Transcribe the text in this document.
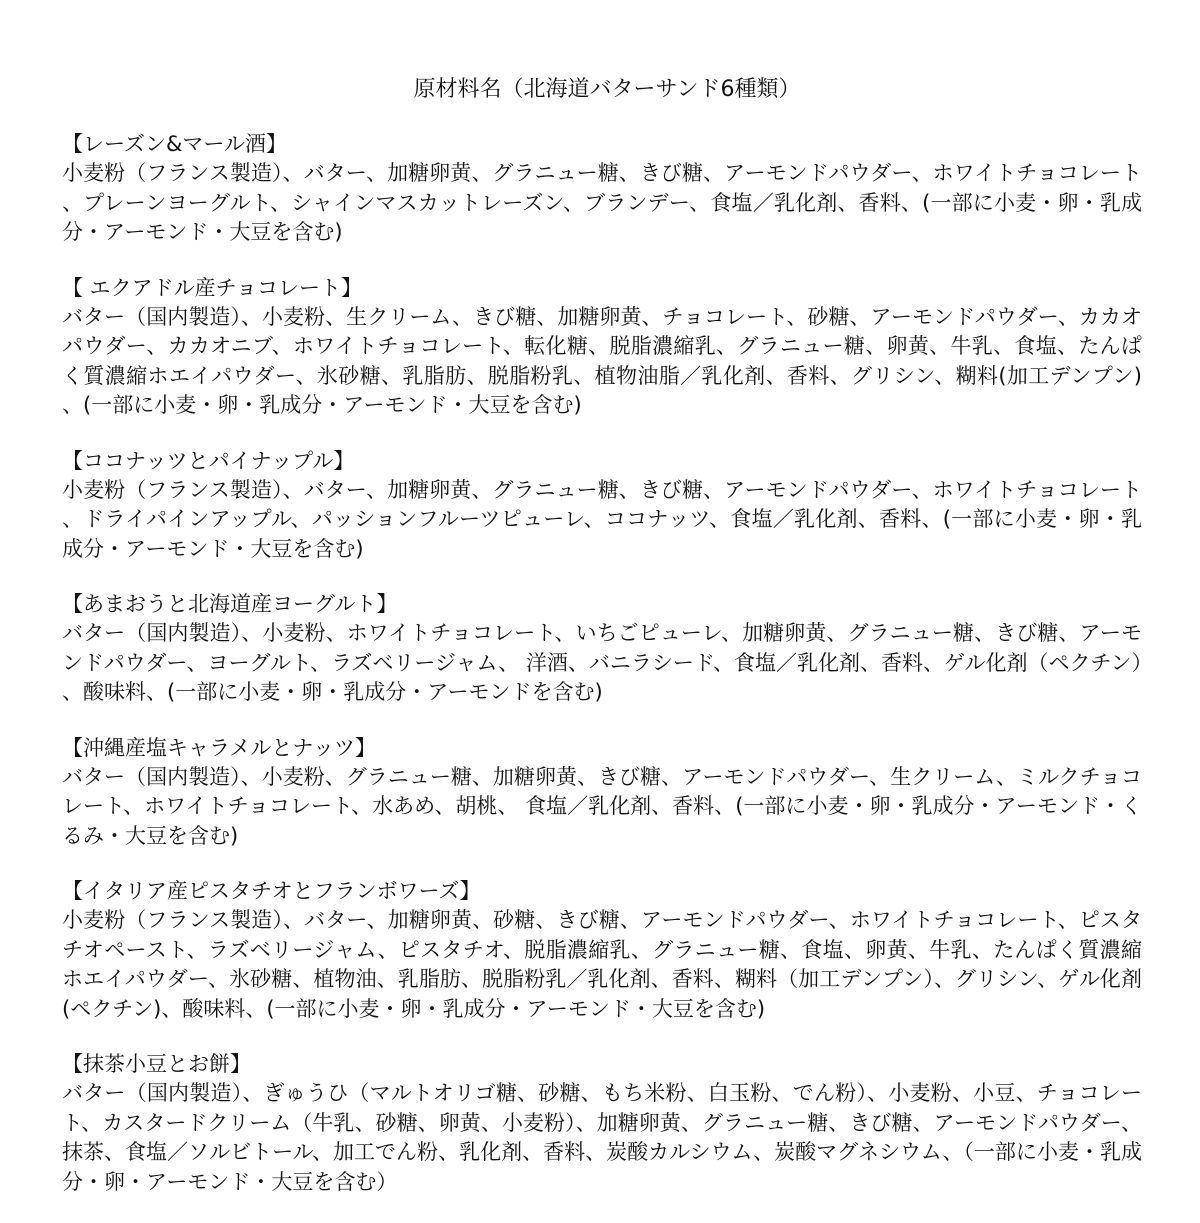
原材料名（北海道バターサンド6種類）

【レーズン&マール酒】

小麦粉（フランス製造）、バター、加糖卵黄、グラニュー糖、きび糖、アーモンドパウダー、ホワイトチョコレート、プレーンヨーグルト、シャインマスカットレーズン、ブランデー、食塩／乳化剤、香料、(一部に小麦・卵・乳成分・アーモンド・大豆を含む)

【 エクアドル産チョコレート】

バター（国内製造）、小麦粉、生クリーム、きび糖、加糖卵黄、チョコレート、砂糖、アーモンドパウダー、カカオパウダー、カカオニブ、ホワイトチョコレート、転化糖、脱脂濃縮乳、グラニュー糖、卵黄、牛乳、食塩、たんぱく質濃縮ホエイパウダー、氷砂糖、乳脂肪、脱脂粉乳、植物油脂／乳化剤、香料、グリシン、糊料(加工デンプン)、(一部に小麦・卵・乳成分・アーモンド・大豆を含む)

【ココナッツとパイナップル】

小麦粉（フランス製造）、バター、加糖卵黄、グラニュー糖、きび糖、アーモンドパウダー、ホワイトチョコレート、ドライパインアップル、パッションフルーツピューレ、ココナッツ、食塩／乳化剤、香料、(一部に小麦・卵・乳成分・アーモンド・大豆を含む)

【あまおうと北海道産ヨーグルト】

バター（国内製造）、小麦粉、ホワイトチョコレート、いちごピューレ、加糖卵黄、グラニュー糖、きび糖、アーモンドパウダー、ヨーグルト、ラズベリージャム、 洋酒、バニラシード、食塩／乳化剤、香料、ゲル化剤（ペクチン）、酸味料、(一部に小麦・卵・乳成分・アーモンドを含む)

【沖縄産塩キャラメルとナッツ】

バター（国内製造）、小麦粉、グラニュー糖、加糖卵黄、きび糖、アーモンドパウダー、生クリーム、ミルクチョコレート、ホワイトチョコレート、水あめ、胡桃、 食塩／乳化剤、香料、(一部に小麦・卵・乳成分・アーモンド・くるみ・大豆を含む)

【イタリア産ピスタチオとフランボワーズ】

小麦粉（フランス製造）、バター、加糖卵黄、砂糖、きび糖、アーモンドパウダー、ホワイトチョコレート、ピスタチオペースト、ラズベリージャム、ピスタチオ、脱脂濃縮乳、グラニュー糖、食塩、卵黄、牛乳、たんぱく質濃縮ホエイパウダー、氷砂糖、植物油、乳脂肪、脱脂粉乳／乳化剤、香料、糊料（加工デンプン）、グリシン、ゲル化剤(ペクチン)、酸味料、(一部に小麦・卵・乳成分・アーモンド・大豆を含む)

【抹茶小豆とお餅】

バター（国内製造）、ぎゅうひ（マルトオリゴ糖、砂糖、もち米粉、白玉粉、でん粉）、小麦粉、小豆、チョコレート、カスタードクリーム（牛乳、砂糖、卵黄、小麦粉）、加糖卵黄、グラニュー糖、きび糖、アーモンドパウダー、抹茶、食塩／ソルビトール、加工でん粉、乳化剤、香料、炭酸カルシウム、炭酸マグネシウム、（一部に小麦・乳成分・卵・アーモンド・大豆を含む）
